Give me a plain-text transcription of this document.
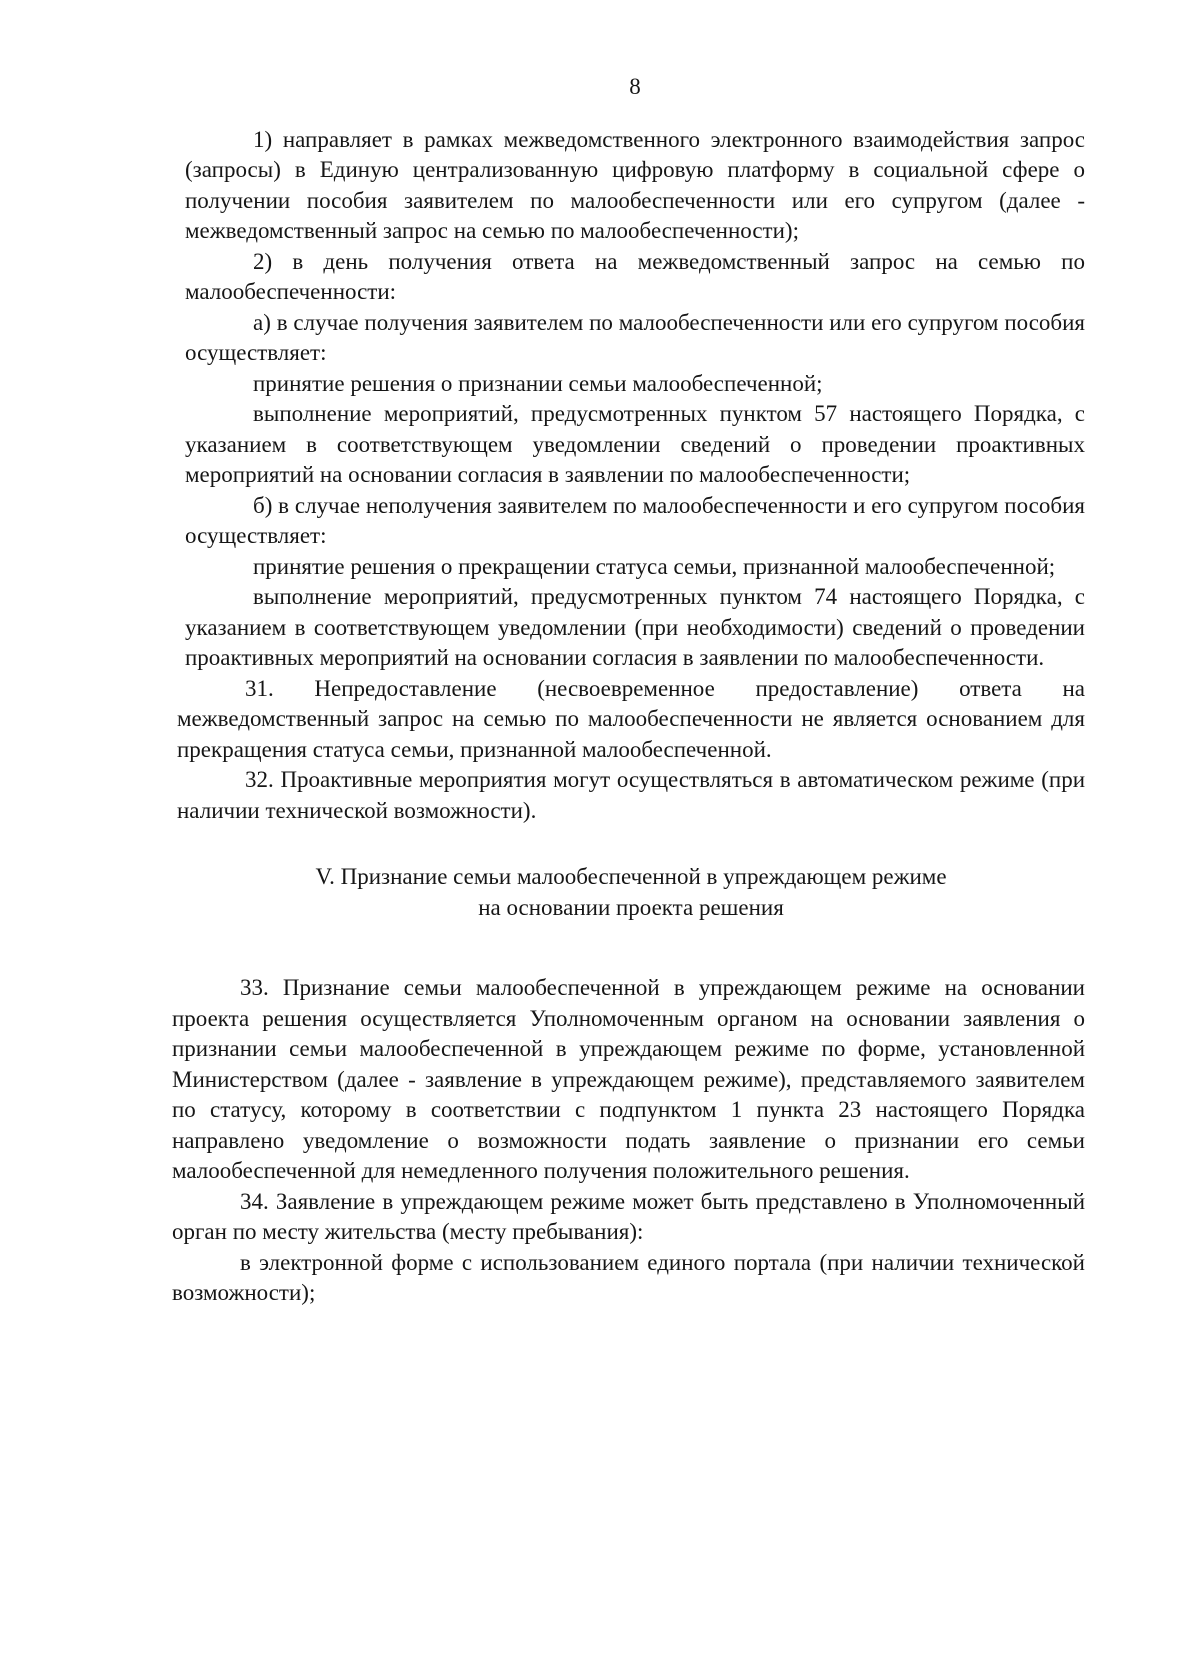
8

1) направляет в рамках межведомственного электронного взаимодействия запрос (запросы) в Единую централизованную цифровую платформу в социальной сфере о получении пособия заявителем по малообеспеченности или его супругом (далее - межведомственный запрос на семью по малообеспеченности);

2) в день получения ответа на межведомственный запрос на семью по малообеспеченности:

а) в случае получения заявителем по малообеспеченности или его супругом пособия осуществляет:

принятие решения о признании семьи малообеспеченной;

выполнение мероприятий, предусмотренных пунктом 57 настоящего Порядка, с указанием в соответствующем уведомлении сведений о проведении проактивных мероприятий на основании согласия в заявлении по малообеспеченности;

б) в случае неполучения заявителем по малообеспеченности и его супругом пособия осуществляет:

принятие решения о прекращении статуса семьи, признанной малообеспеченной;

выполнение мероприятий, предусмотренных пунктом 74 настоящего Порядка, с указанием в соответствующем уведомлении (при необходимости) сведений о проведении проактивных мероприятий на основании согласия в заявлении по малообеспеченности.

31. Непредоставление (несвоевременное предоставление) ответа на межведомственный запрос на семью по малообеспеченности не является основанием для прекращения статуса семьи, признанной малообеспеченной.

32. Проактивные мероприятия могут осуществляться в автоматическом режиме (при наличии технической возможности).

V. Признание семьи малообеспеченной в упреждающем режиме
на основании проекта решения

33. Признание семьи малообеспеченной в упреждающем режиме на основании проекта решения осуществляется Уполномоченным органом на основании заявления о признании семьи малообеспеченной в упреждающем режиме по форме, установленной Министерством (далее - заявление в упреждающем режиме), представляемого заявителем по статусу, которому в соответствии с подпунктом 1 пункта 23 настоящего Порядка направлено уведомление о возможности подать заявление о признании его семьи малообеспеченной для немедленного получения положительного решения.

34. Заявление в упреждающем режиме может быть представлено в Уполномоченный орган по месту жительства (месту пребывания):

в электронной форме с использованием единого портала (при наличии технической возможности);
